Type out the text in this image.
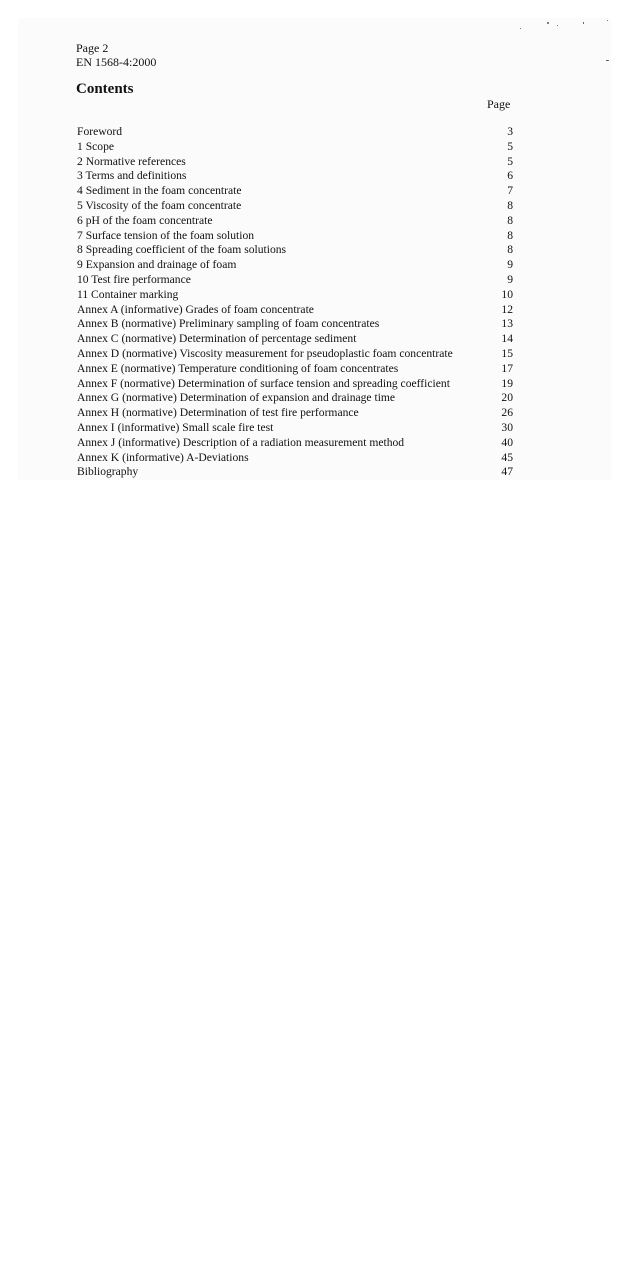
Page 2
EN 1568-4:2000
Contents
Page
Foreword	3
1 Scope	5
2 Normative references	5
3 Terms and definitions	6
4 Sediment in the foam concentrate	7
5 Viscosity of the foam concentrate	8
6 pH of the foam concentrate	8
7 Surface tension of the foam solution	8
8 Spreading coefficient of the foam solutions	8
9 Expansion and drainage of foam	9
10 Test fire performance	9
11 Container marking	10
Annex A (informative) Grades of foam concentrate	12
Annex B (normative) Preliminary sampling of foam concentrates	13
Annex C (normative) Determination of percentage sediment	14
Annex D (normative) Viscosity measurement for pseudoplastic foam concentrate	15
Annex E (normative) Temperature conditioning of foam concentrates	17
Annex F (normative) Determination of surface tension and spreading coefficient	19
Annex G (normative) Determination of expansion and drainage time	20
Annex H (normative) Determination of test fire performance	26
Annex I (informative) Small scale fire test	30
Annex J (informative) Description of a radiation measurement method	40
Annex K (informative) A-Deviations	45
Bibliography	47
